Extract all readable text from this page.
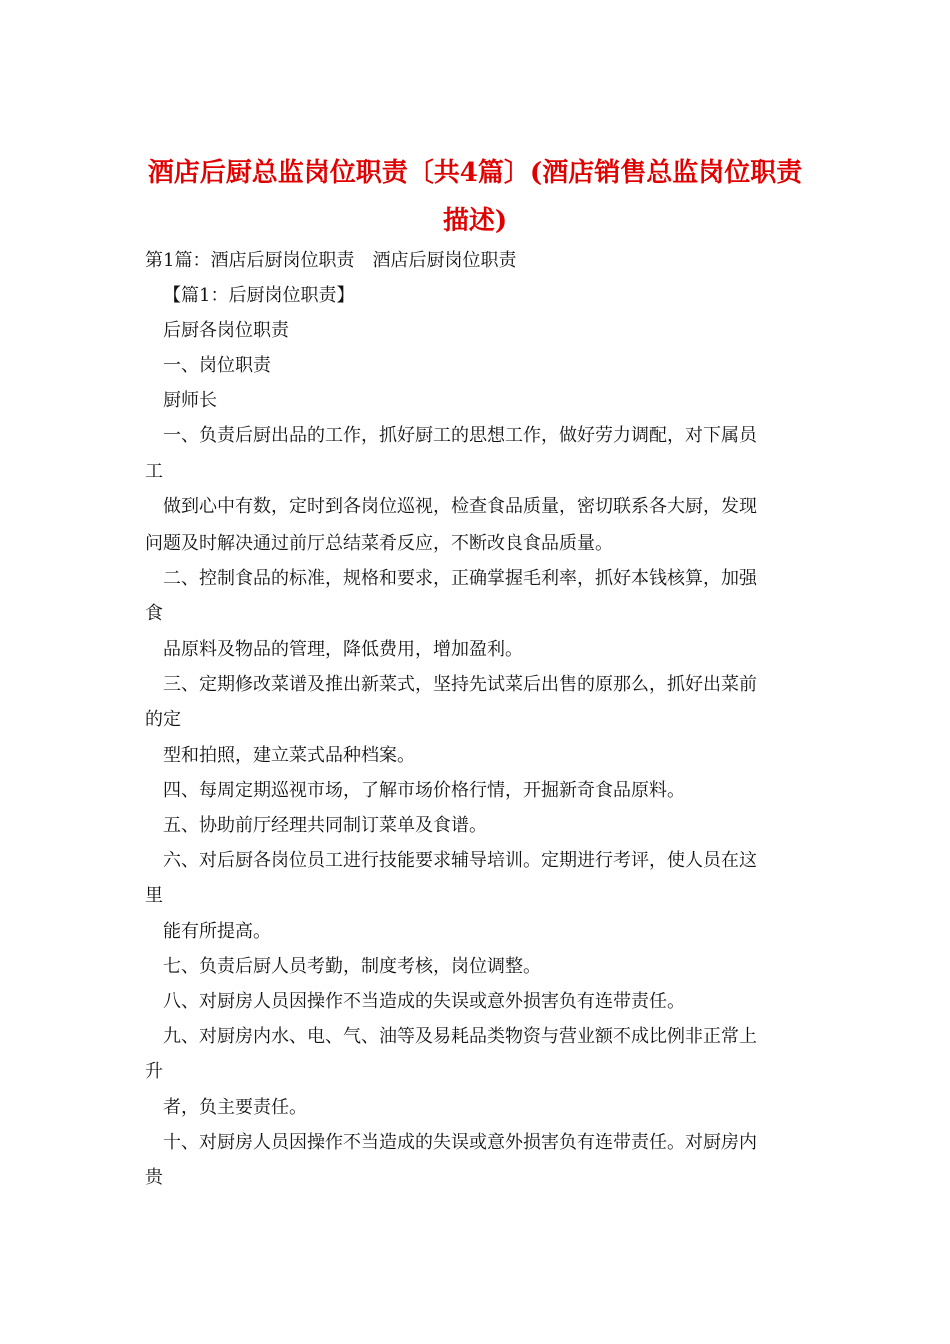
酒店后厨总监岗位职责〔共4篇〕(酒店销售总监岗位职责
描述)
第1篇：酒店后厨岗位职责　酒店后厨岗位职责
【篇1：后厨岗位职责】
后厨各岗位职责
一、岗位职责
厨师长
一、负责后厨出品的工作，抓好厨工的思想工作，做好劳力调配，对下属员
工
做到心中有数，定时到各岗位巡视，检查食品质量，密切联系各大厨，发现
问题及时解决通过前厅总结菜肴反应，不断改良食品质量。
二、控制食品的标准，规格和要求，正确掌握毛利率，抓好本钱核算，加强
食
品原料及物品的管理，降低费用，增加盈利。
三、定期修改菜谱及推出新菜式，坚持先试菜后出售的原那么，抓好出菜前
的定
型和拍照，建立菜式品种档案。
四、每周定期巡视市场，了解市场价格行情，开掘新奇食品原料。
五、协助前厅经理共同制订菜单及食谱。
六、对后厨各岗位员工进行技能要求辅导培训。定期进行考评，使人员在这
里
能有所提高。
七、负责后厨人员考勤，制度考核，岗位调整。
八、对厨房人员因操作不当造成的失误或意外损害负有连带责任。
九、对厨房内水、电、气、油等及易耗品类物资与营业额不成比例非正常上
升
者，负主要责任。
十、对厨房人员因操作不当造成的失误或意外损害负有连带责任。对厨房内
贵
